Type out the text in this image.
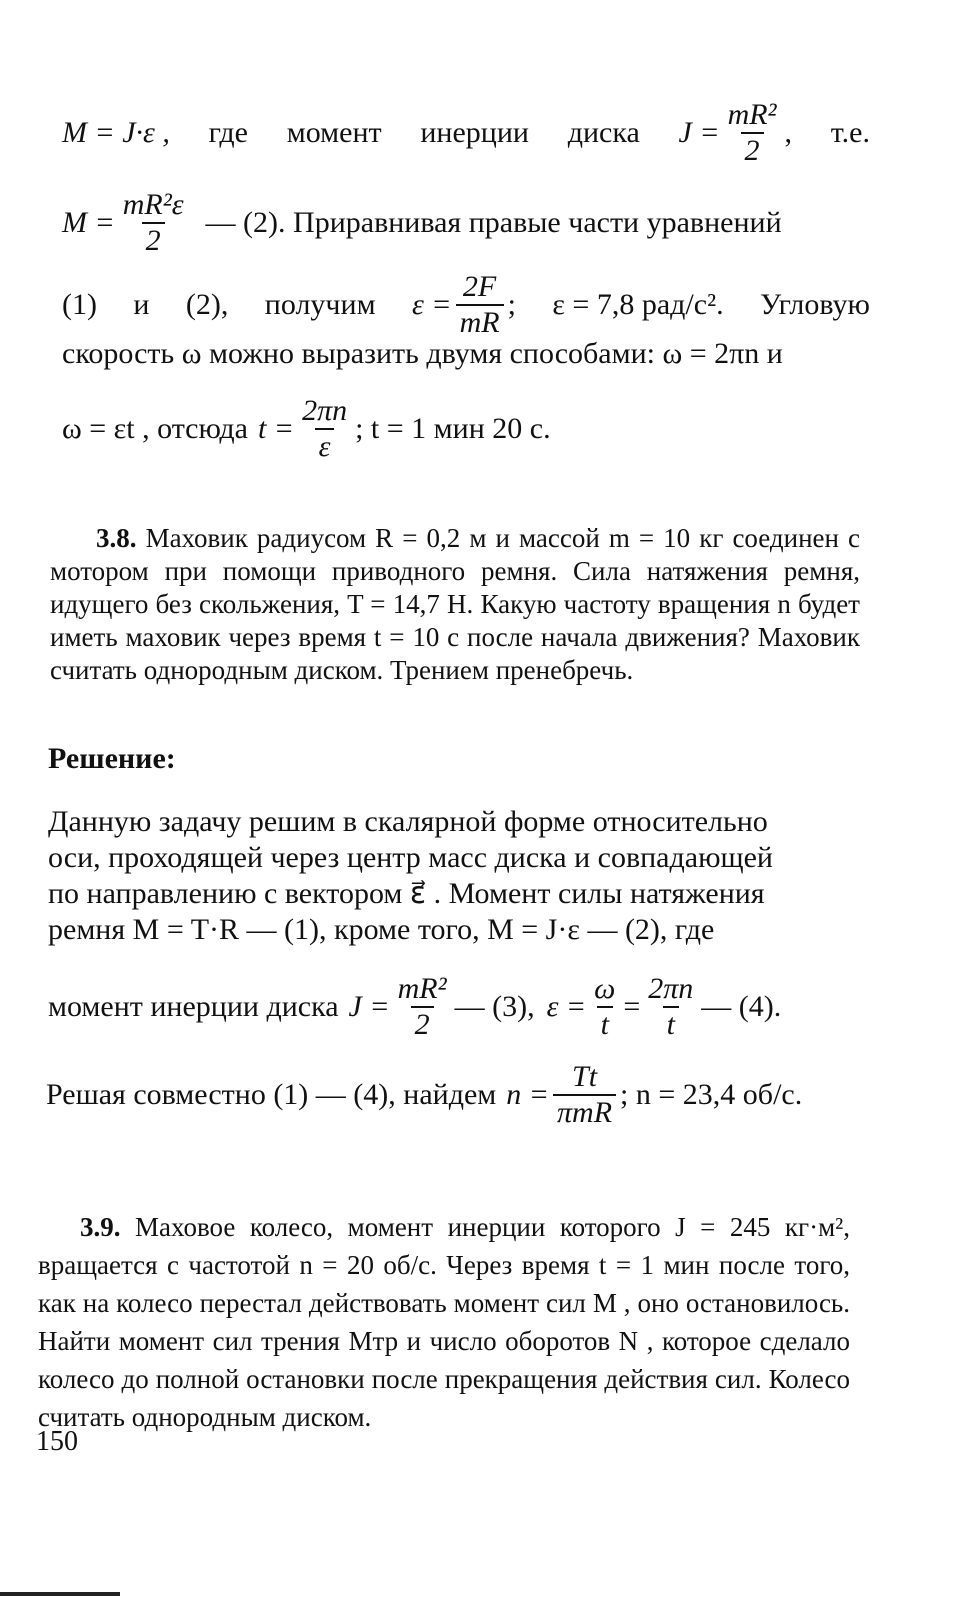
M = J·ε , где момент инерции диска $J = \frac{\text{mR²}}{2}$ , т.е.
$M = \frac{\text{mR²ε}}{2}$ — (2). Приравнивая правые части уравнений
(1) и (2), получим $\varepsilon = \frac{2F}{mR}$ ; ε = 7,8 рад/с². Угловую
скорость ω можно выразить двумя способами: ω = 2πn и
ω = εt , отсюда $t = \frac{2\pi n}{\varepsilon}$ ; t = 1 мин 20 с.

3.8. Маховик радиусом R = 0,2 м и массой m = 10 кг соединен с мотором при помощи приводного ремня. Сила натяжения ремня, идущего без скольжения, T = 14,7 Н. Какую частоту вращения n будет иметь маховик через время t = 10 с после начала движения? Маховик считать однородным диском. Трением пренебречь.

Решение:
Данную задачу решим в скалярной форме относительно
оси, проходящей через центр масс диска и совпадающей
по направлению с вектором ε⃗ . Момент силы натяжения
ремня M = T·R — (1), кроме того, M = J·ε — (2), где
момент инерции диска $J = \frac{\text{mR²}}{2}$ — (3), $\varepsilon = \frac{\omega}{t} = \frac{2\pi n}{t}$ — (4).
Решая совместно (1) — (4), найдем $n = \frac{Tt}{\text{πmR}}$ ; n = 23,4 об/с.

3.9. Маховое колесо, момент инерции которого J = 245 кг·м², вращается с частотой n = 20 об/с. Через время t = 1 мин после того, как на колесо перестал действовать момент сил M , оно остановилось. Найти момент сил трения Mтр и число оборотов N , которое сделало колесо до полной остановки после прекращения действия сил. Колесо считать однородным диском.

150
